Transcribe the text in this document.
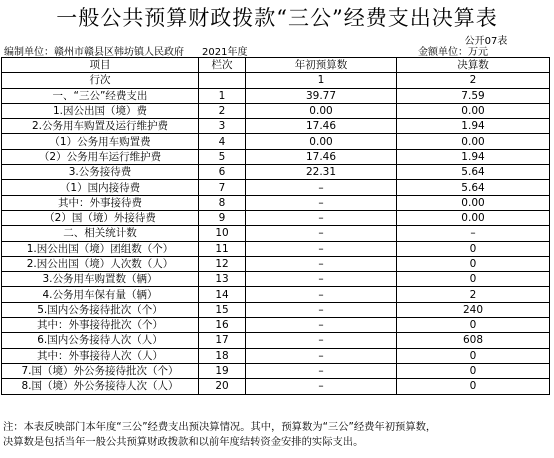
一般公共预算财政拨款“三公”经费支出决算表
公开07表
编制单位：赣州市赣县区韩坊镇人民政府 2021年度	金额单位：万元
项目	栏次	年初预算数	决算数
行次		1	2
一、“三公”经费支出	1	39.77	7.59
1.因公出国（境）费	2	0.00	0.00
2.公务用车购置及运行维护费	3	17.46	1.94
（1）公务用车购置费	4	0.00	0.00
（2）公务用车运行维护费	5	17.46	1.94
3.公务接待费	6	22.31	5.64
（1）国内接待费	7	–	5.64
其中：外事接待费	8	–	0.00
（2）国（境）外接待费	9	–	0.00
二、相关统计数	10	–	–
1.因公出国（境）团组数（个）	11	–	0
2.因公出国（境）人次数（人）	12	–	0
3.公务用车购置数（辆）	13	–	0
4.公务用车保有量（辆）	14	–	2
5.国内公务接待批次（个）	15	–	240
其中：外事接待批次（个）	16	–	0
6.国内公务接待人次（人）	17	–	608
其中：外事接待人次（人）	18	–	0
7.国（境）外公务接待批次（个）	19	–	0
8.国（境）外公务接待人次（人）	20	–	0
注：本表反映部门本年度“三公”经费支出预决算情况。其中，预算数为“三公”经费年初预算数，
决算数是包括当年一般公共预算财政拨款和以前年度结转资金安排的实际支出。
